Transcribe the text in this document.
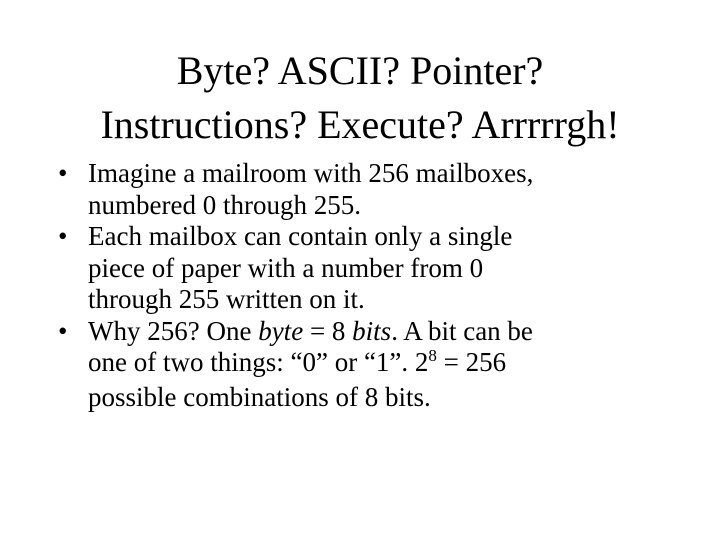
Byte? ASCII? Pointer?
Instructions? Execute? Arrrrrgh!
• Imagine a mailroom with 256 mailboxes,
numbered 0 through 255.
• Each mailbox can contain only a single
piece of paper with a number from 0
through 255 written on it.
• Why 256? One byte = 8 bits. A bit can be
one of two things: “0” or “1”. $2^8 = 256$
possible combinations of 8 bits.
